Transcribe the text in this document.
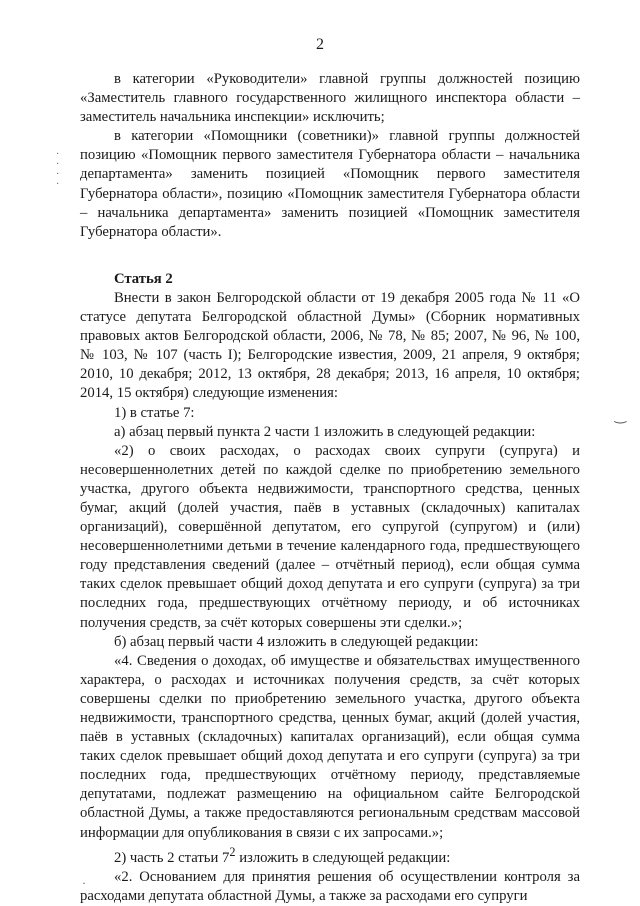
2
·
·
·
·
‿
·

в категории «Руководители» главной группы должностей позицию «Заместитель главного государственного жилищного инспектора области – заместитель начальника инспекции» исключить;

в категории «Помощники (советники)» главной группы должностей позицию «Помощник первого заместителя Губернатора области – начальника департамента» заменить позицией «Помощник первого заместителя Губернатора области», позицию «Помощник заместителя Губернатора области – начальника департамента» заменить позицией «Помощник заместителя Губернатора области».

Статья 2

Внести в закон Белгородской области от 19 декабря 2005 года № 11 «О статусе депутата Белгородской областной Думы» (Сборник нормативных правовых актов Белгородской области, 2006, № 78, № 85; 2007, № 96, № 100, № 103, № 107 (часть I); Белгородские известия, 2009, 21 апреля, 9 октября; 2010, 10 декабря; 2012, 13 октября, 28 декабря; 2013, 16 апреля, 10 октября; 2014, 15 октября) следующие изменения:

1) в статье 7:

а) абзац первый пункта 2 части 1 изложить в следующей редакции:

«2) о своих расходах, о расходах своих супруги (супруга) и несовершеннолетних детей по каждой сделке по приобретению земельного участка, другого объекта недвижимости, транспортного средства, ценных бумаг, акций (долей участия, паёв в уставных (складочных) капиталах организаций), совершённой депутатом, его супругой (супругом) и (или) несовершеннолетними детьми в течение календарного года, предшествующего году представления сведений (далее – отчётный период), если общая сумма таких сделок превышает общий доход депутата и его супруги (супруга) за три последних года, предшествующих отчётному периоду, и об источниках получения средств, за счёт которых совершены эти сделки.»;

б) абзац первый части 4 изложить в следующей редакции:

«4. Сведения о доходах, об имуществе и обязательствах имущественного характера, о расходах и источниках получения средств, за счёт которых совершены сделки по приобретению земельного участка, другого объекта недвижимости, транспортного средства, ценных бумаг, акций (долей участия, паёв в уставных (складочных) капиталах организаций), если общая сумма таких сделок превышает общий доход депутата и его супруги (супруга) за три последних года, предшествующих отчётному периоду, представляемые депутатами, подлежат размещению на официальном сайте Белгородской областной Думы, а также предоставляются региональным средствам массовой информации для опубликования в связи с их запросами.»;

2) часть 2 статьи $7^2$ изложить в следующей редакции:

«2. Основанием для принятия решения об осуществлении контроля за расходами депутата областной Думы, а также за расходами его супруги
